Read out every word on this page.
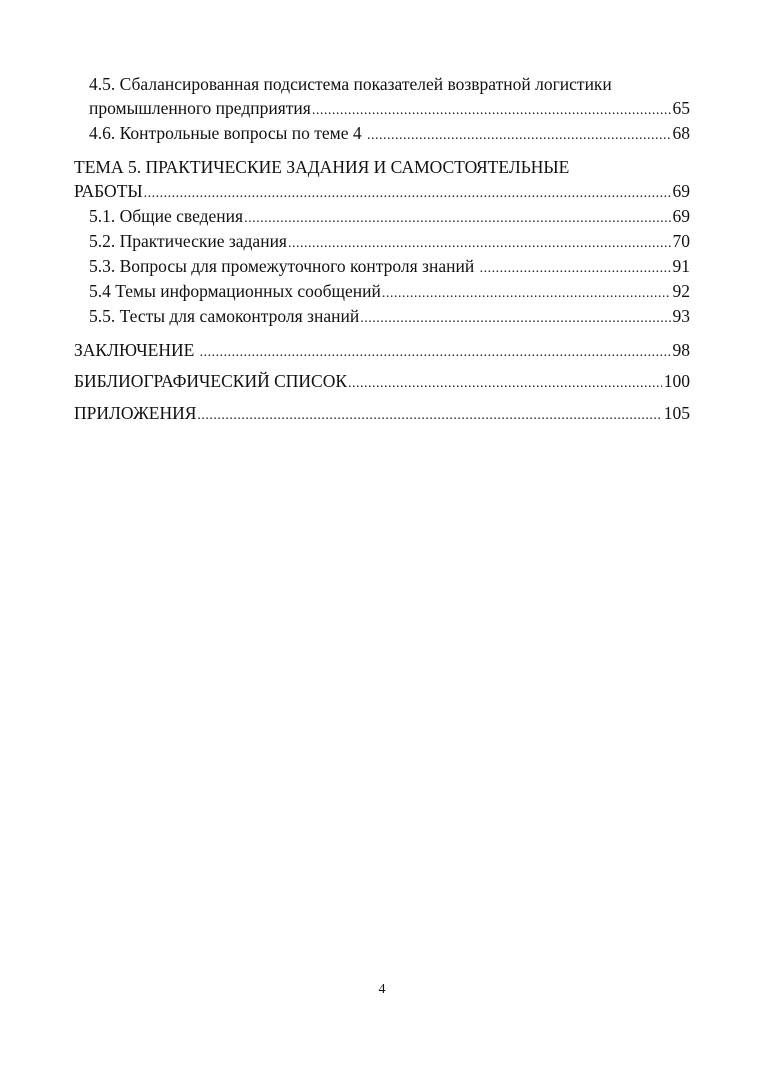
4.5. Сбалансированная подсистема показателей возвратной логистики
промышленного предприятия .....	65
4.6. Контрольные вопросы по теме 4 .....	68
ТЕМА 5. ПРАКТИЧЕСКИЕ ЗАДАНИЯ И САМОСТОЯТЕЛЬНЫЕ
РАБОТЫ .....	69
5.1. Общие сведения .....	69
5.2. Практические задания .....	70
5.3. Вопросы для промежуточного контроля знаний .....	91
5.4 Темы информационных сообщений .....	92
5.5. Тесты для самоконтроля знаний .....	93
ЗАКЛЮЧЕНИЕ .....	98
БИБЛИОГРАФИЧЕСКИЙ СПИСОК .....	100
ПРИЛОЖЕНИЯ .....	105
4
